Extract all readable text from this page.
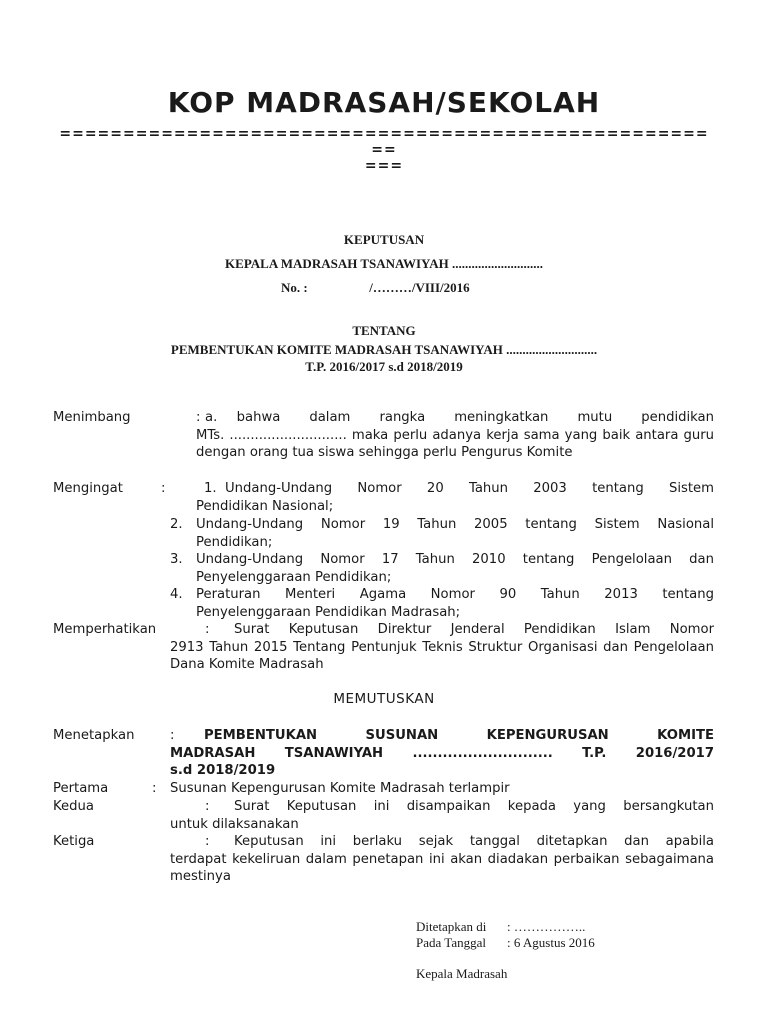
KOP MADRASAH/SEKOLAH
=====================================================
===
KEPUTUSAN
KEPALA MADRASAH TSANAWIYAH ............................
No. :	/………/VIII/2016
TENTANG
PEMBENTUKAN KOMITE MADRASAH TSANAWIYAH ............................
T.P. 2016/2017 s.d 2018/2019
Menimbang	: a.  bahwa   dalam   rangka   meningkatkan   mutu   pendidikan
MTs. ............................ maka perlu adanya kerja sama yang baik antara guru dengan orang tua siswa sehingga perlu Pengurus Komite
Mengingat	:	1. Undang-Undang  Nomor  20  Tahun  2003  tentang  Sistem
Pendidikan Nasional;
2. Undang-Undang Nomor 19 Tahun 2005 tentang Sistem Nasional
Pendidikan;
3. Undang-Undang Nomor 17 Tahun 2010 tentang Pengelolaan dan
Penyelenggaraan Pendidikan;
4. Peraturan  Menteri  Agama  Nomor  90  Tahun  2013  tentang
Penyelenggaraan Pendidikan Madrasah;
Memperhatikan	: Surat Keputusan Direktur Jenderal Pendidikan Islam Nomor
2913 Tahun 2015 Tentang Pentunjuk Teknis Struktur Organisasi dan Pengelolaan Dana Komite Madrasah
MEMUTUSKAN
Menetapkan	: PEMBENTUKAN SUSUNAN KEPENGURUSAN KOMITE
MADRASAH TSANAWIYAH ............................ T.P. 2016/2017
s.d 2018/2019
Pertama	: Susunan Kepengurusan Komite Madrasah terlampir
Kedua	: Surat Keputusan ini disampaikan kepada yang bersangkutan
untuk dilaksanakan
Ketiga	: Keputusan ini berlaku sejak tanggal ditetapkan dan apabila
terdapat kekeliruan dalam penetapan ini akan diadakan perbaikan sebagaimana mestinya
Ditetapkan di : ……………..
Pada Tanggal : 6 Agustus 2016
Kepala Madrasah
